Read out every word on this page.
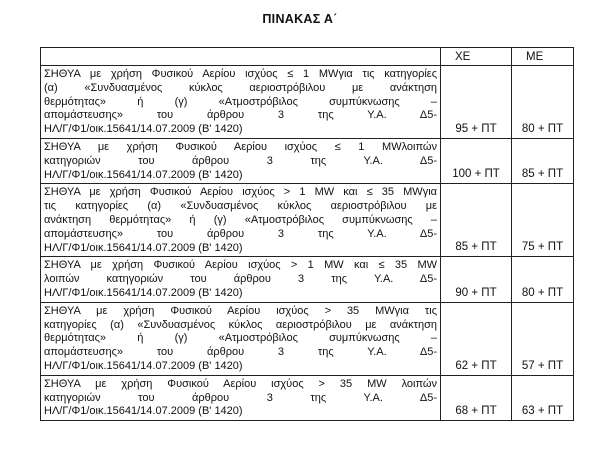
ΠΙΝΑΚΑΣ Α΄
	ΧΕ	ΜΕ

ΣΗΘΥΑ με χρήση Φυσικού Αερίου ισχύος ≤ 1 MWγια τις κατηγορίες
(α) «Συνδυασμένος κύκλος αεριοστρόβιλου με ανάκτηση
θερμότητας» ή (γ) «Ατμοστρόβιλος συμπύκνωσης –
απομάστευσης» του άρθρου 3 της Υ.Α. Δ5-
ΗΛ/Γ/Φ1/οικ.15641/14.07.2009 (Β' 1420)	95 + ΠΤ	80 + ΠΤ

ΣΗΘΥΑ με χρήση Φυσικού Αερίου ισχύος ≤ 1 MWλοιπών
κατηγοριών του άρθρου 3 της Υ.Α. Δ5-
ΗΛ/Γ/Φ1/οικ.15641/14.07.2009 (Β' 1420)	100 + ΠΤ	85 + ΠΤ

ΣΗΘΥΑ με χρήση Φυσικού Αερίου ισχύος > 1 MW και ≤ 35 MWγια
τις κατηγορίες (α) «Συνδυασμένος κύκλος αεριοστρόβιλου με
ανάκτηση θερμότητας» ή (γ) «Ατμοστρόβιλος συμπύκνωσης –
απομάστευσης» του άρθρου 3 της Υ.Α. Δ5-
ΗΛ/Γ/Φ1/οικ.15641/14.07.2009 (Β' 1420)	85 + ΠΤ	75 + ΠΤ

ΣΗΘΥΑ με χρήση Φυσικού Αερίου ισχύος > 1 MW και ≤ 35 MW
λοιπών κατηγοριών του άρθρου 3 της Υ.Α. Δ5-
ΗΛ/Γ/Φ1/οικ.15641/14.07.2009 (Β' 1420)	90 + ΠΤ	80 + ΠΤ

ΣΗΘΥΑ με χρήση Φυσικού Αερίου ισχύος > 35 MWγια τις
κατηγορίες (α) «Συνδυασμένος κύκλος αεριοστρόβιλου με ανάκτηση
θερμότητας» ή (γ) «Ατμοστρόβιλος συμπύκνωσης –
απομάστευσης» του άρθρου 3 της Υ.Α. Δ5-
ΗΛ/Γ/Φ1/οικ.15641/14.07.2009 (Β' 1420)	62 + ΠΤ	57 + ΠΤ

ΣΗΘΥΑ με χρήση Φυσικού Αερίου ισχύος > 35 MW λοιπών
κατηγοριών του άρθρου 3 της Υ.Α. Δ5-
ΗΛ/Γ/Φ1/οικ.15641/14.07.2009 (Β' 1420)	68 + ΠΤ	63 + ΠΤ
